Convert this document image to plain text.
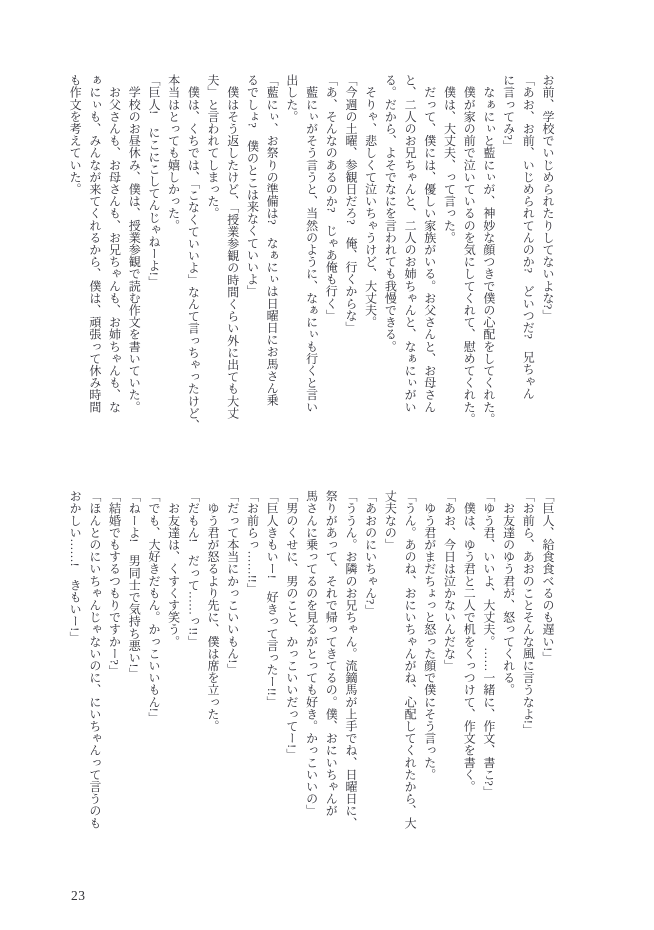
お前、学校でいじめられたりしてないよな?」

「あお、お前、いじめられてんのか?　どいつだ?　兄ちゃん

に言ってみ?」

　なぁにぃと藍にぃが、神妙な顔つきで僕の心配をしてくれた。

　僕が家の前で泣いているのを気にしてくれて、慰めてくれた。

　僕は、大丈夫、って言った。

　だって、僕には、優しい家族がいる。お父さんと、お母さん

と、二人のお兄ちゃんと、二人のお姉ちゃんと、なぁにぃがい

る。だから、よそでなにを言われても我慢できる。

　そりゃ、悲しくて泣いちゃうけど、大丈夫。

「今週の土曜、参観日だろ?　俺、行くからな」

「あ、そんなのあるのか?　じゃあ俺も行く」

　藍にぃがそう言うと、当然のように、なぁにぃも行くと言い

出した。

「藍にぃ、お祭りの準備は?　なぁにぃは日曜日にお馬さん乗

るでしょ?　僕のとこは来なくていいよ」

　僕はそう返したけど、「授業参観の時間くらい外に出ても大丈

夫」と言われてしまった。

　僕は、くちでは、「こなくていいよ」なんて言っちゃったけど、

本当はとっても嬉しかった。

「巨人!　にこにこしてんじゃねーよ!」

　学校のお昼休み、僕は、授業参観で読む作文を書いていた。

　お父さんも、お母さんも、お兄ちゃんも、お姉ちゃんも、な

ぁにぃも、みんなが来てくれるから、僕は、頑張って休み時間

も作文を考えていた。

「巨人、給食食べるのも遅い!」

「お前ら、あおのことそんな風に言うなよ!」

　お友達のゆう君が、怒ってくれる。

「ゆう君、いいよ、大丈夫。……一緒に、作文、書こ?」

　僕は、ゆう君と二人で机をくっつけて、作文を書く。

「あお、今日は泣かないんだな」

　ゆう君がまだちょっと怒った顔で僕にそう言った。

「うん。あのね、おにいちゃんがね、心配してくれたから、大

丈夫なの」

「あおのにいちゃん?」

「ううん。お隣のお兄ちゃん。流鏑馬が上手でね、日曜日に、

祭りがあって、それで帰ってきてるの。僕、おにいちゃんが

馬さんに乗ってるのを見るがとっても好き。かっこいいの」

「男のくせに、男のこと、かっこいいだってー!」

「巨人きもいー!　好きって言ったー!!」

「お前らっ……!!」

「だって本当にかっこいいもん!」

　ゆう君が怒るより先に、僕は席を立った。

「だもん!　だって……っ!!」

　お友達は、くすくす笑う。

「でも、大好きだもん。かっこいいもん!」

「ねーよ!　男同士で気持ち悪い!」

「結婚でもするつもりですかー?」

「ほんとのにいちゃんじゃないのに、にいちゃんって言うのも

おかしい……!　きもいー!」

23
